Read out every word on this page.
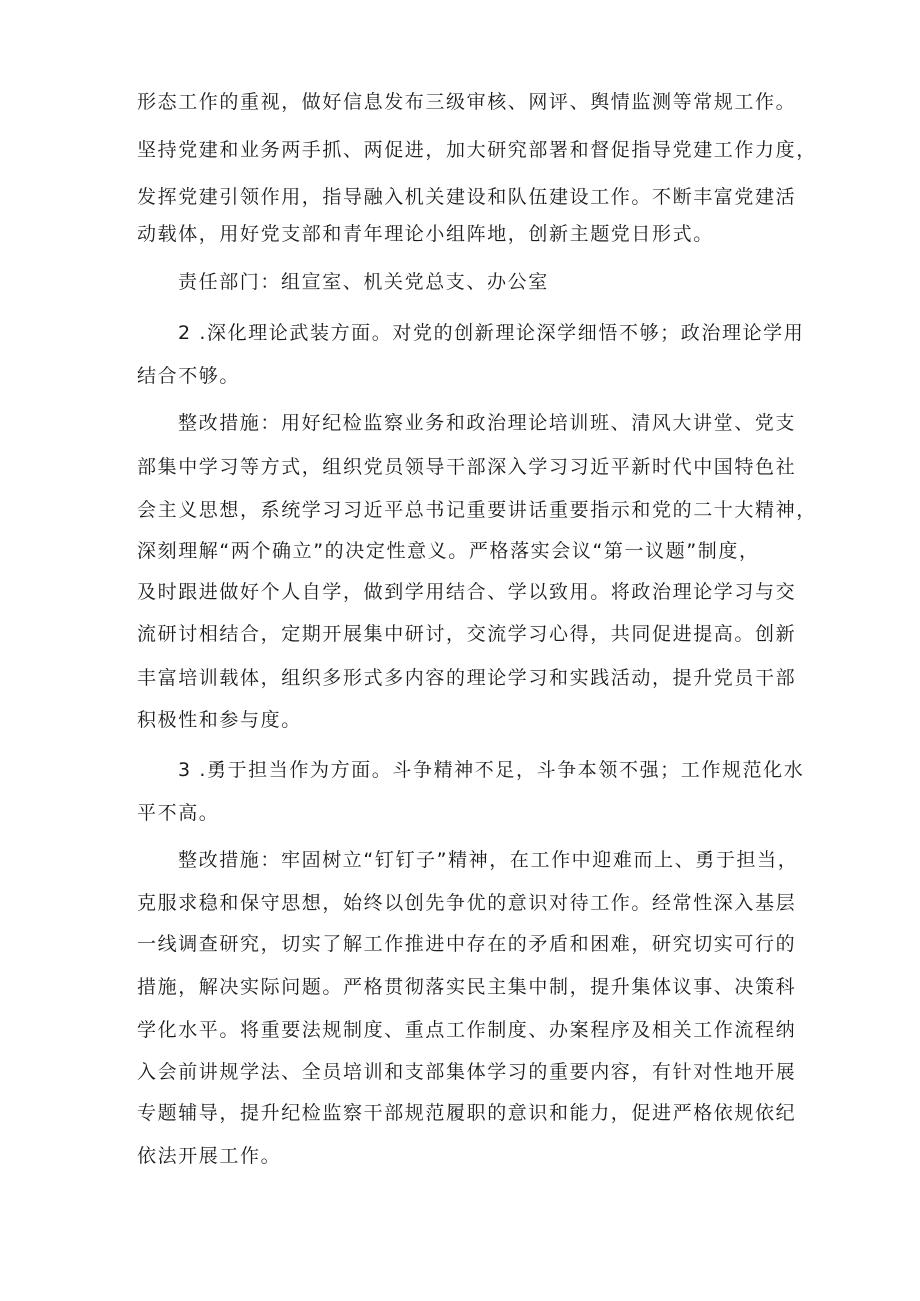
形态工作的重视，做好信息发布三级审核、网评、舆情监测等常规工作。
坚持党建和业务两手抓、两促进，加大研究部署和督促指导党建工作力度，
发挥党建引领作用，指导融入机关建设和队伍建设工作。不断丰富党建活
动载体，用好党支部和青年理论小组阵地，创新主题党日形式。
责任部门：组宣室、机关党总支、办公室
2 .深化理论武装方面。对党的创新理论深学细悟不够；政治理论学用
结合不够。
整改措施：用好纪检监察业务和政治理论培训班、清风大讲堂、党支
部集中学习等方式，组织党员领导干部深入学习习近平新时代中国特色社
会主义思想，系统学习习近平总书记重要讲话重要指示和党的二十大精神，
深刻理解“两个确立”的决定性意义。严格落实会议“第一议题”制度，
及时跟进做好个人自学，做到学用结合、学以致用。将政治理论学习与交
流研讨相结合，定期开展集中研讨，交流学习心得，共同促进提高。创新
丰富培训载体，组织多形式多内容的理论学习和实践活动，提升党员干部
积极性和参与度。
3 .勇于担当作为方面。斗争精神不足，斗争本领不强；工作规范化水
平不高。
整改措施：牢固树立“钉钉子”精神，在工作中迎难而上、勇于担当，
克服求稳和保守思想，始终以创先争优的意识对待工作。经常性深入基层
一线调查研究，切实了解工作推进中存在的矛盾和困难，研究切实可行的
措施，解决实际问题。严格贯彻落实民主集中制，提升集体议事、决策科
学化水平。将重要法规制度、重点工作制度、办案程序及相关工作流程纳
入会前讲规学法、全员培训和支部集体学习的重要内容，有针对性地开展
专题辅导，提升纪检监察干部规范履职的意识和能力，促进严格依规依纪
依法开展工作。
